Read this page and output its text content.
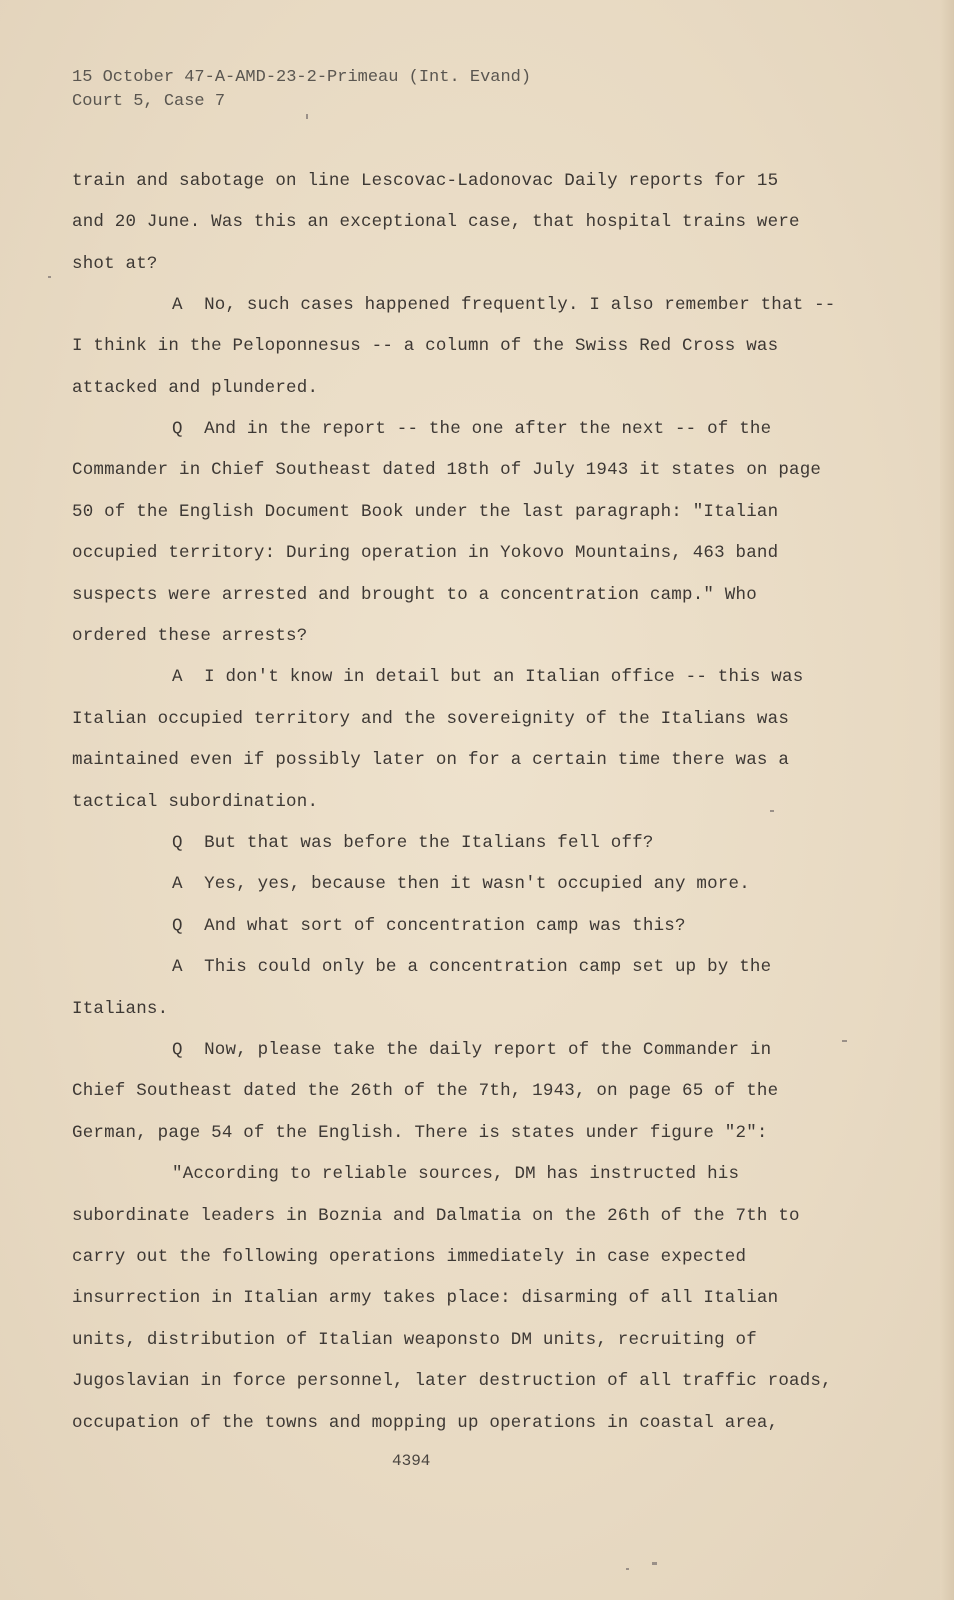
15 October 47-A-AMD-23-2-Primeau (Int. Evand)
Court 5, Case 7
train and sabotage on line Lescovac-Ladonovac Daily reports for 15
and 20 June. Was this an exceptional case, that hospital trains were
shot at?
A  No, such cases happened frequently. I also remember that --
I think in the Peloponnesus -- a column of the Swiss Red Cross was
attacked and plundered.
Q  And in the report -- the one after the next -- of the
Commander in Chief Southeast dated 18th of July 1943 it states on page
50 of the English Document Book under the last paragraph: "Italian
occupied territory: During operation in Yokovo Mountains, 463 band
suspects were arrested and brought to a concentration camp." Who
ordered these arrests?
A  I don't know in detail but an Italian office -- this was
Italian occupied territory and the sovereignity of the Italians was
maintained even if possibly later on for a certain time there was a
tactical subordination.
Q  But that was before the Italians fell off?
A  Yes, yes, because then it wasn't occupied any more.
Q  And what sort of concentration camp was this?
A  This could only be a concentration camp set up by the
Italians.
Q  Now, please take the daily report of the Commander in
Chief Southeast dated the 26th of the 7th, 1943, on page 65 of the
German, page 54 of the English. There is states under figure "2":
"According to reliable sources, DM has instructed his
subordinate leaders in Boznia and Dalmatia on the 26th of the 7th to
carry out the following operations immediately in case expected
insurrection in Italian army takes place: disarming of all Italian
units, distribution of Italian weaponsto DM units, recruiting of
Jugoslavian in force personnel, later destruction of all traffic roads,
occupation of the towns and mopping up operations in coastal area,
4394
